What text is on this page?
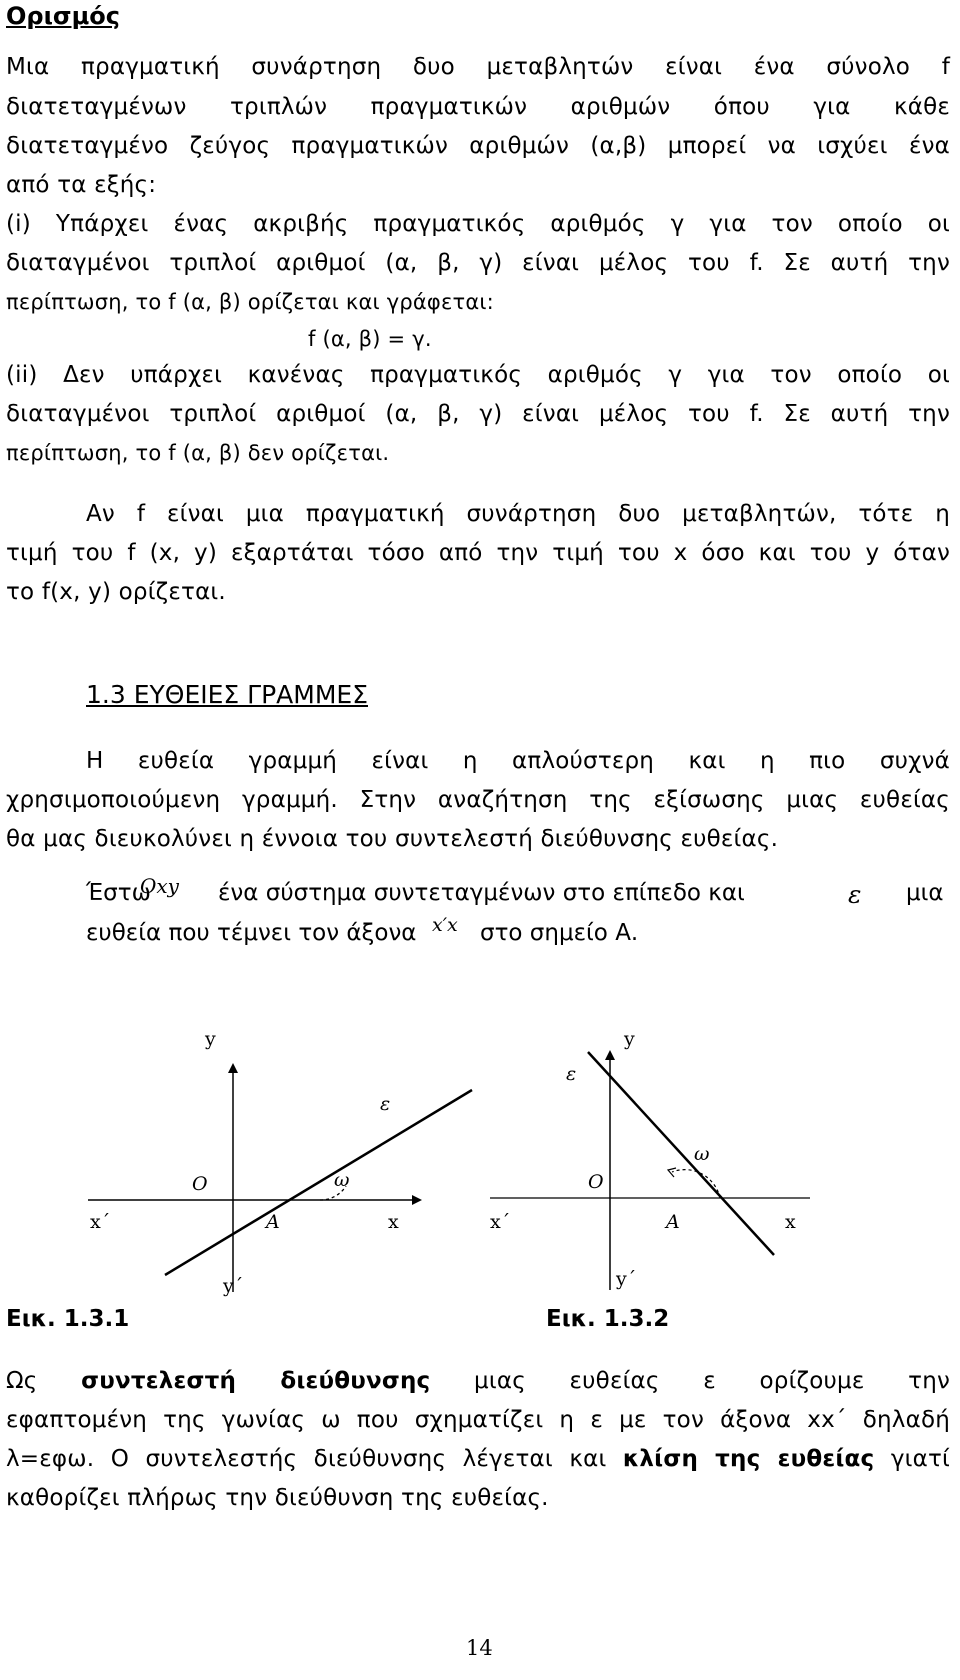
Ορισμός
Μια πραγματική συνάρτηση δυο μεταβλητών είναι ένα σύνολο f
διατεταγμένων τριπλών πραγματικών αριθμών όπου για κάθε
διατεταγμένο ζεύγος πραγματικών αριθμών (α,β) μπορεί να ισχύει ένα
από τα εξής:
(i) Υπάρχει ένας ακριβής πραγματικός αριθμός γ για τον οποίο οι
διαταγμένοι τριπλοί αριθμοί (α, β, γ) είναι μέλος του f. Σε αυτή την
περίπτωση, το f (α, β) ορίζεται και γράφεται:
f (α, β) = γ.
(ii) Δεν υπάρχει κανένας πραγματικός αριθμός γ για τον οποίο οι
διαταγμένοι τριπλοί αριθμοί (α, β, γ) είναι μέλος του f. Σε αυτή την
περίπτωση, το f (α, β) δεν ορίζεται.
Αν f είναι μια πραγματική συνάρτηση δυο μεταβλητών, τότε η
τιμή του f (x, y) εξαρτάται τόσο από την τιμή του x όσο και του y όταν
το f(x, y) ορίζεται.
1.3 ΕΥΘΕΙΕΣ ΓΡΑΜΜΕΣ
Η ευθεία γραμμή είναι η απλούστερη και η πιο συχνά
χρησιμοποιούμενη γραμμή. Στην αναζήτηση της εξίσωσης μιας ευθείας
θα μας διευκολύνει η έννοια του συντελεστή διεύθυνσης ευθείας.
Έστω
Oxy ένα σύστημα συντεταγμένων στο επίπεδο και	ε μια
ευθεία που τέμνει τον άξονα x′x στο σημείο Α.
y
ε
O	ω
x΄	A	x
y΄
y
ε
O
ω
x΄	A	x
y΄
Εικ. 1.3.1	Εικ. 1.3.2
Ως συντελεστή διεύθυνσης μιας ευθείας ε ορίζουμε την
εφαπτομένη της γωνίας ω που σχηματίζει η ε με τον άξονα xx΄ δηλαδή
λ=εφω. Ο συντελεστής διεύθυνσης λέγεται και κλίση της ευθείας γιατί
καθορίζει πλήρως την διεύθυνση της ευθείας.
14
